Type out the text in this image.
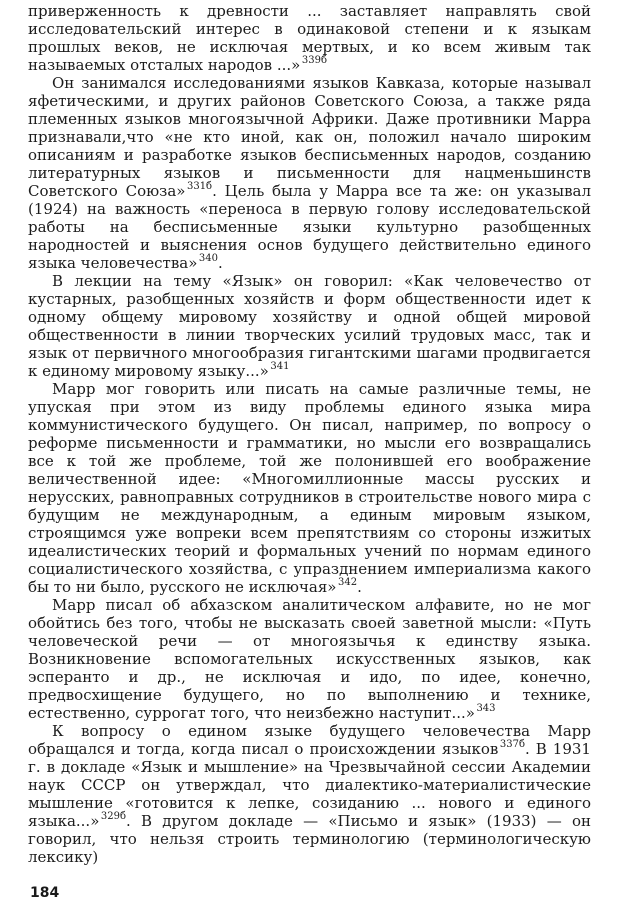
приверженность к древности ... заставляет направлять свой исследовательский интерес в одинаковой степени и к языкам прошлых веков, не исключая мертвых, и ко всем живым так называемых отсталых народов ...»  $^{339б}$

Он занимался исследованиями языков Кавказа, которые называл яфетическими, и других районов Советского Союза, а также ряда племенных языков многоязычной Африки. Даже противники Марра признавали,что «не кто иной, как он, положил начало широким описаниям и разработке языков бесписьменных народов, созданию литературных языков и письменности для нацменьшинств Советского Союза»  $^{331б}$. Цель была у Марра все та же: он указывал (1924) на важность «переноса в первую голову исследовательской работы на бесписьменные языки культурно разобщенных народностей и выяснения основ будущего действительно единого языка человечества»  $^{340}$.

В лекции на тему «Язык» он говорил: «Как человечество от кустарных, разобщенных хозяйств и форм общественности идет к одному общему мировому хозяйству и одной общей мировой общественности в линии творческих усилий трудовых масс, так и язык от первичного многообразия гигантскими шагами продвигается к единому мировому языку...»  $^{341}$

Марр мог говорить или писать на самые различные темы, не упуская при этом из виду проблемы единого языка мира коммунистического будущего. Он писал, например, по вопросу о реформе письменности и грамматики, но мысли его возвращались все к той же проблеме, той же полонившей его воображение величественной идее: «Многомиллионные массы русских и нерусских, равноправных сотрудников в строительстве нового мира с будущим не международным, а единым мировым языком, строящимся уже вопреки всем препятствиям со стороны изжитых идеалистических теорий и формальных учений по нормам единого социалистического хозяйства, с упразднением империализма какого бы то ни было, русского не исключая»  $^{342}$.

Марр писал об абхазском аналитическом алфавите, но не мог обойтись без того, чтобы не высказать своей заветной мысли: «Путь человеческой речи — от многоязычья к единству языка. Возникновение вспомогательных искусственных языков, как эсперанто и др., не исключая и идо, по идее, конечно, предвосхищение будущего, но по выполнению и технике, естественно, суррогат того, что неизбежно наступит...»  $^{343}$

К вопросу о едином языке будущего человечества Марр обращался и тогда, когда писал о происхождении языков  $^{337б}$. В 1931 г. в докладе «Язык и мышление» на Чрезвычайной сессии Академии наук СССР он утверждал, что диалектико-материалистические мышление «готовится к лепке, созиданию ... нового и единого языка...»  $^{329б}$. В другом докладе — «Письмо и язык» (1933) — он говорил, что нельзя строить терминологию (терминологическую лексику)

184
